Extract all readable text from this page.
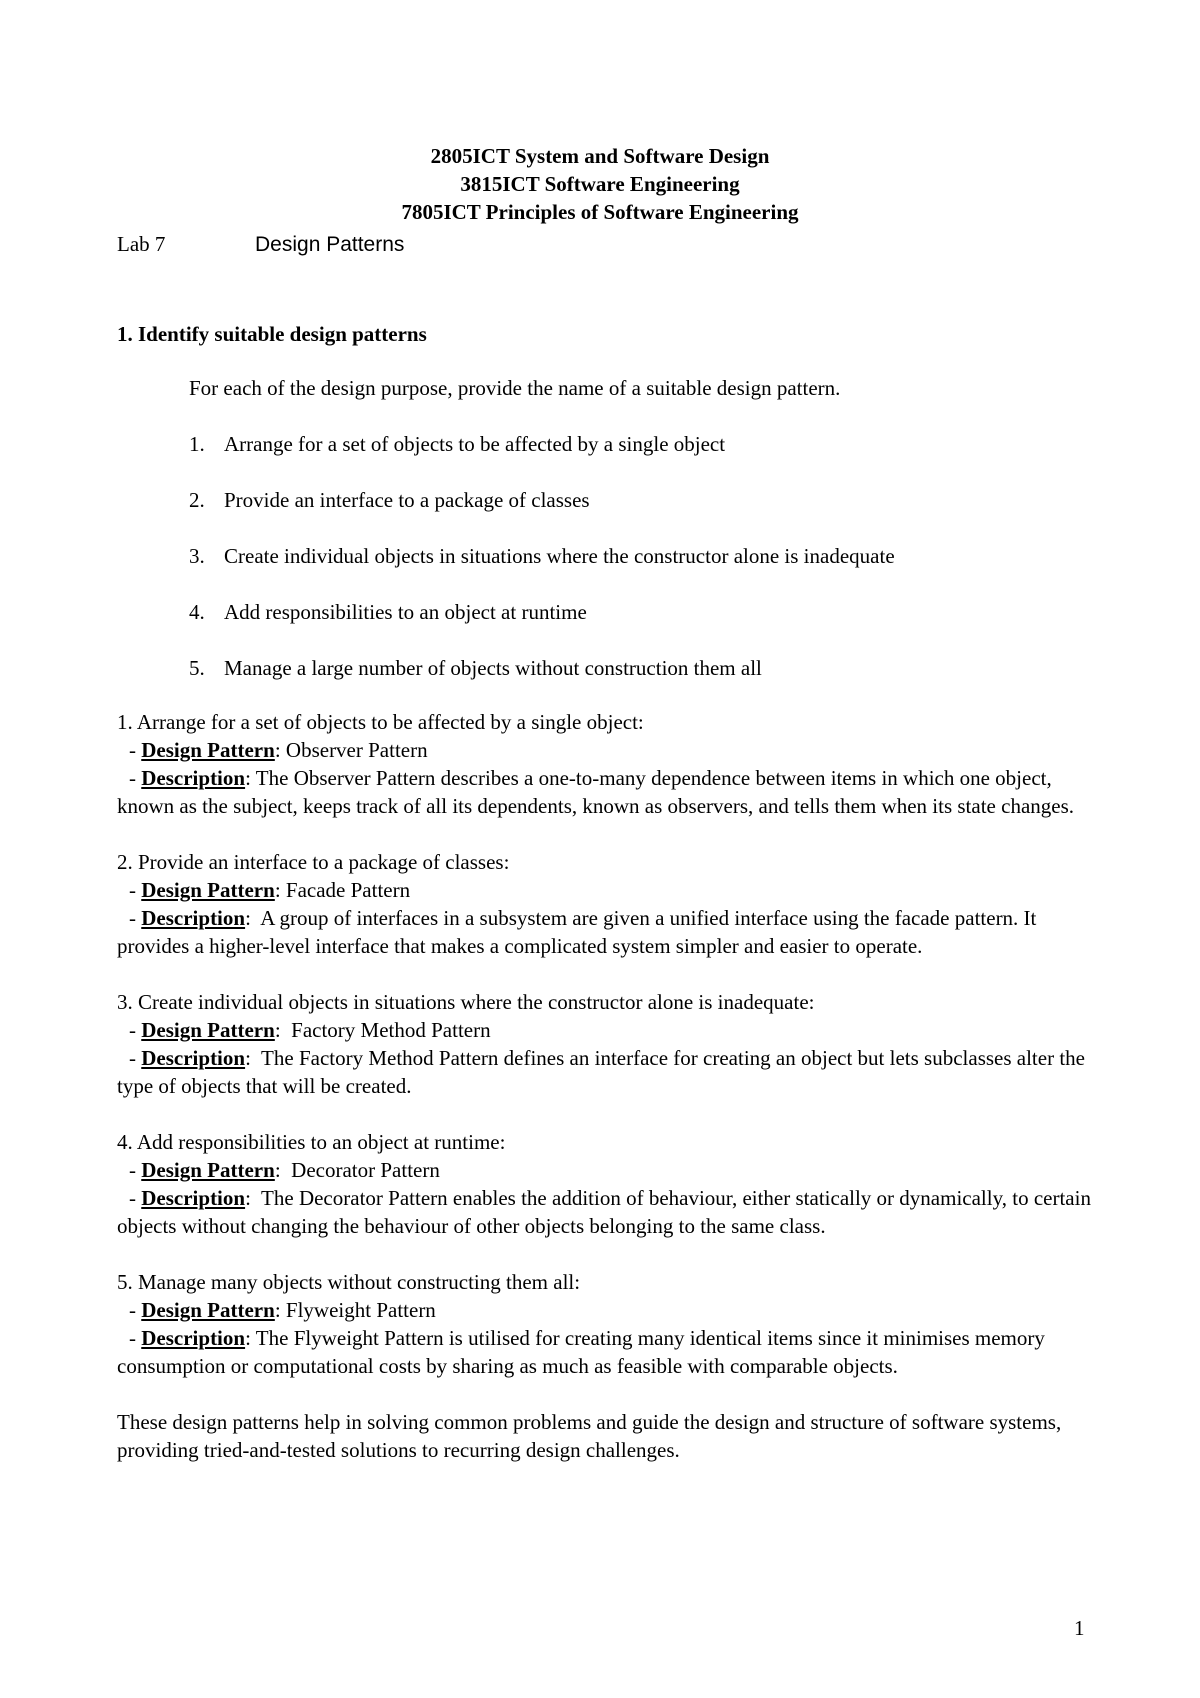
2805ICT System and Software Design
3815ICT Software Engineering
7805ICT Principles of Software Engineering
Lab 7	Design Patterns
1. Identify suitable design patterns
For each of the design purpose, provide the name of a suitable design pattern.
1. Arrange for a set of objects to be affected by a single object
2. Provide an interface to a package of classes
3. Create individual objects in situations where the constructor alone is inadequate
4. Add responsibilities to an object at runtime
5. Manage a large number of objects without construction them all
1. Arrange for a set of objects to be affected by a single object:
- Design Pattern: Observer Pattern
- Description: The Observer Pattern describes a one-to-many dependence between items in which one object, known as the subject, keeps track of all its dependents, known as observers, and tells them when its state changes.
2. Provide an interface to a package of classes:
- Design Pattern: Facade Pattern
- Description:  A group of interfaces in a subsystem are given a unified interface using the facade pattern. It provides a higher-level interface that makes a complicated system simpler and easier to operate.
3. Create individual objects in situations where the constructor alone is inadequate:
- Design Pattern:  Factory Method Pattern
- Description:  The Factory Method Pattern defines an interface for creating an object but lets subclasses alter the type of objects that will be created.
4. Add responsibilities to an object at runtime:
- Design Pattern:  Decorator Pattern
- Description:  The Decorator Pattern enables the addition of behaviour, either statically or dynamically, to certain objects without changing the behaviour of other objects belonging to the same class.
5. Manage many objects without constructing them all:
- Design Pattern: Flyweight Pattern
- Description: The Flyweight Pattern is utilised for creating many identical items since it minimises memory consumption or computational costs by sharing as much as feasible with comparable objects.

These design patterns help in solving common problems and guide the design and structure of software systems, providing tried-and-tested solutions to recurring design challenges.

1
